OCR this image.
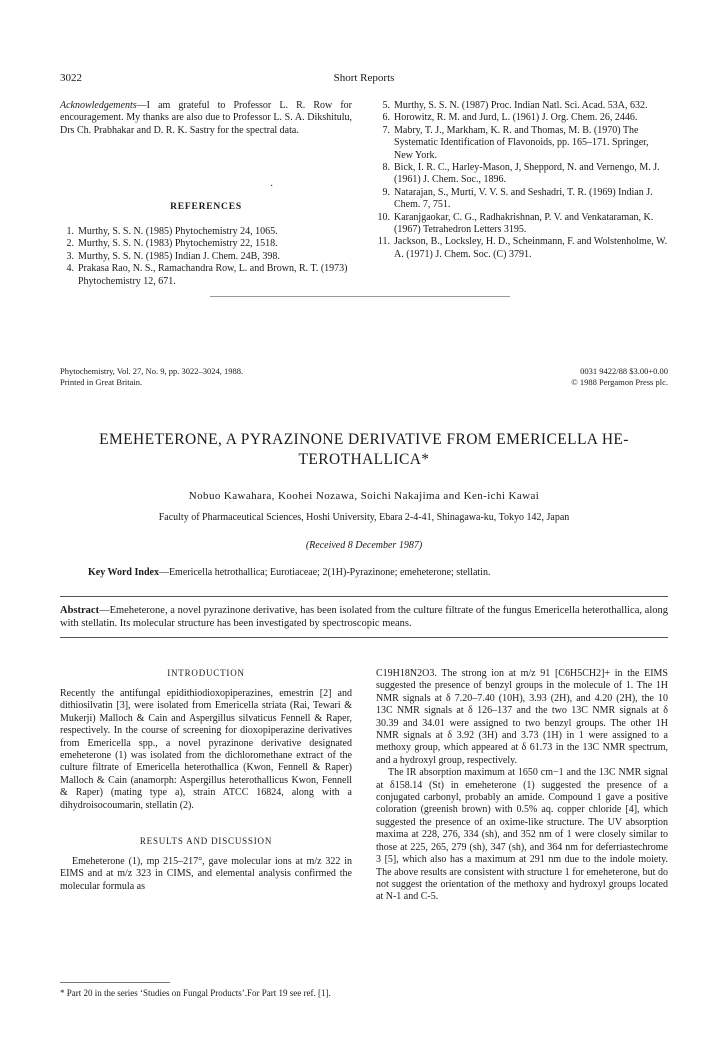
3022	Short Reports
Acknowledgements—I am grateful to Professor L. R. Row for encouragement. My thanks are also due to Professor L. S. A. Dikshitulu, Drs Ch. Prabhakar and D. R. K. Sastry for the spectral data.
·
REFERENCES
1. Murthy, S. S. N. (1985) Phytochemistry 24, 1065.
2. Murthy, S. S. N. (1983) Phytochemistry 22, 1518.
3. Murthy, S. S. N. (1985) Indian J. Chem. 24B, 398.
4. Prakasa Rao, N. S., Ramachandra Row, L. and Brown, R. T. (1973) Phytochemistry 12, 671.
5. Murthy, S. S. N. (1987) Proc. Indian Natl. Sci. Acad. 53A, 632.
6. Horowitz, R. M. and Jurd, L. (1961) J. Org. Chem. 26, 2446.
7. Mabry, T. J., Markham, K. R. and Thomas, M. B. (1970) The Systematic Identification of Flavonoids, pp. 165–171. Springer, New York.
8. Bick, I. R. C., Harley-Mason, J, Sheppord, N. and Vernengo, M. J. (1961) J. Chem. Soc., 1896.
9. Natarajan, S., Murti, V. V. S. and Seshadri, T. R. (1969) Indian J. Chem. 7, 751.
10. Karanjgaokar, C. G., Radhakrishnan, P. V. and Venkataraman, K. (1967) Tetrahedron Letters 3195.
11. Jackson, B., Locksley, H. D., Scheinmann, F. and Wolstenholme, W. A. (1971) J. Chem. Soc. (C) 3791.
Phytochemistry, Vol. 27, No. 9, pp. 3022–3024, 1988.
Printed in Great Britain.
0031 9422/88 $3.00+0.00
© 1988 Pergamon Press plc.
EMEHETERONE, A PYRAZINONE DERIVATIVE FROM EMERICELLA HE-
TEROTHALLICA*
Nobuo Kawahara, Koohei Nozawa, Soichi Nakajima and Ken-ichi Kawai
Faculty of Pharmaceutical Sciences, Hoshi University, Ebara 2-4-41, Shinagawa-ku, Tokyo 142, Japan
(Received 8 December 1987)
Key Word Index—Emericella hetrothallica; Eurotiaceae; 2(1H)-Pyrazinone; emeheterone; stellatin.
Abstract—Emeheterone, a novel pyrazinone derivative, has been isolated from the culture filtrate of the fungus Emericella heterothallica, along with stellatin. Its molecular structure has been investigated by spectroscopic means.
INTRODUCTION

Recently the antifungal epidithiodioxopiperazines, emestrin [2] and dithiosilvatin [3], were isolated from Emericella striata (Rai, Tewari & Mukerji) Malloch & Cain and Aspergillus silvaticus Fennell & Raper, respectively. In the course of screening for dioxopiperazine derivatives from Emericella spp., a novel pyrazinone derivative designated emeheterone (1) was isolated from the dichloromethane extract of the culture filtrate of Emericella heterothallica (Kwon, Fennell & Raper) Malloch & Cain (anamorph: Aspergillus heterothallicus Kwon, Fennell & Raper) (mating type a), strain ATCC 16824, along with a dihydroisocoumarin, stellatin (2).

RESULTS AND DISCUSSION

Emeheterone (1), mp 215–217°, gave molecular ions at m/z 322 in EIMS and at m/z 323 in CIMS, and elemental analysis confirmed the molecular formula as

C19H18N2O3. The strong ion at m/z 91 [C6H5CH2]+ in the EIMS suggested the presence of benzyl groups in the molecule of 1. The 1H NMR signals at δ 7.20–7.40 (10H), 3.93 (2H), and 4.20 (2H), the 10 13C NMR signals at δ 126–137 and the two 13C NMR signals at δ 30.39 and 34.01 were assigned to two benzyl groups. The other 1H NMR signals at δ 3.92 (3H) and 3.73 (1H) in 1 were assigned to a methoxy group, which appeared at δ 61.73 in the 13C NMR spectrum, and a hydroxyl group, respectively.

The IR absorption maximum at 1650 cm−1 and the 13C NMR signal at δ158.14 (St) in emeheterone (1) suggested the presence of a conjugated carbonyl, probably an amide. Compound 1 gave a positive coloration (greenish brown) with 0.5% aq. copper chloride [4], which suggested the presence of an oxime-like structure. The UV absorption maxima at 228, 276, 334 (sh), and 352 nm of 1 were closely similar to those at 225, 265, 279 (sh), 347 (sh), and 364 nm for deferriastechrome 3 [5], which also has a maximum at 291 nm due to the indole moiety. The above results are consistent with structure 1 for emeheterone, but do not suggest the orientation of the methoxy and hydroxyl groups located at N-1 and C-5.

* Part 20 in the series ‘Studies on Fungal Products’.For Part 19 see ref. [1].
